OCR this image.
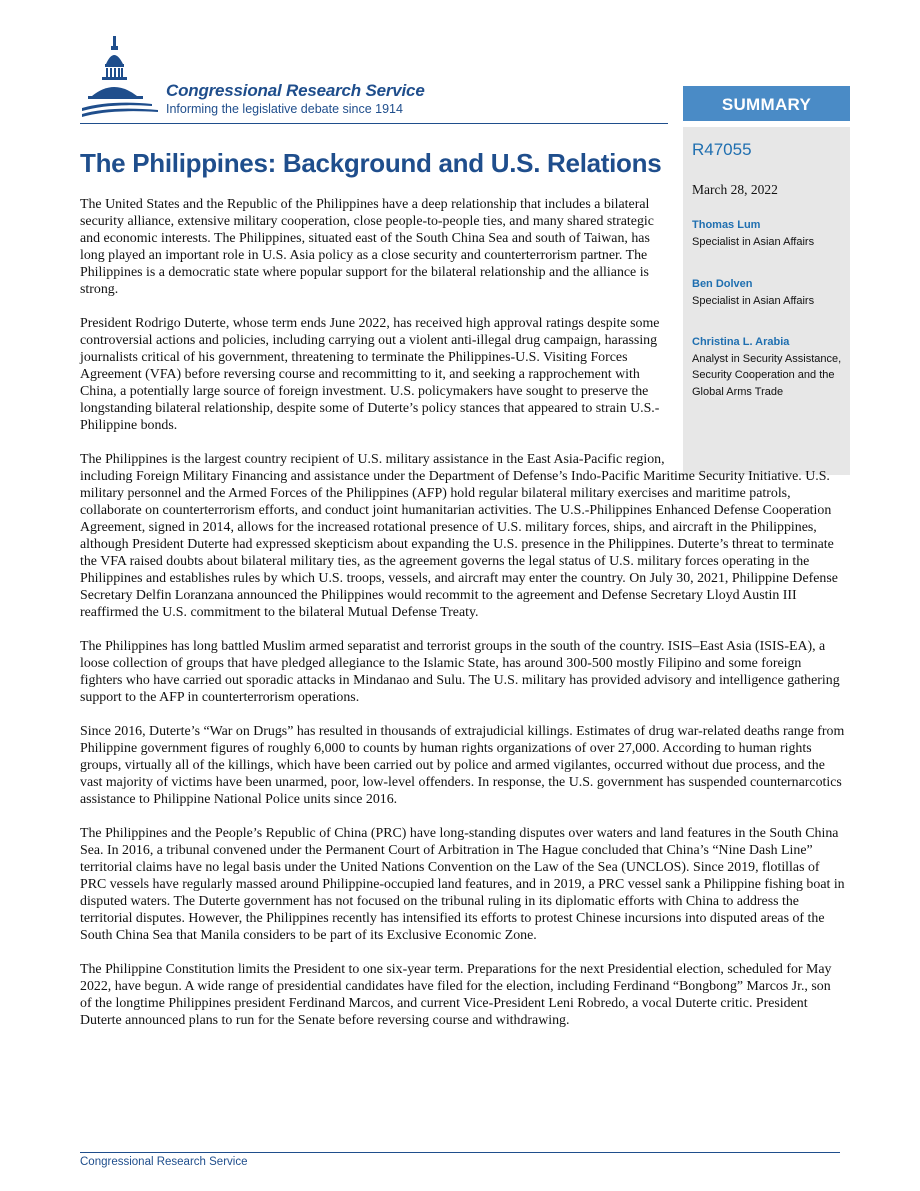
Congressional Research Service
Informing the legislative debate since 1914	SUMMARY
R47055
March 28, 2022
Thomas Lum
Specialist in Asian Affairs
Ben Dolven
Specialist in Asian Affairs
Christina L. Arabia
Analyst in Security Assistance, Security Cooperation and the Global Arms Trade
The Philippines: Background and U.S. Relations

The United States and the Republic of the Philippines have a deep relationship that includes a bilateral security alliance, extensive military cooperation, close people-to-people ties, and many shared strategic and economic interests. The Philippines, situated east of the South China Sea and south of Taiwan, has long played an important role in U.S. Asia policy as a close security and counterterrorism partner. The Philippines is a democratic state where popular support for the bilateral relationship and the alliance is strong.

President Rodrigo Duterte, whose term ends June 2022, has received high approval ratings despite some controversial actions and policies, including carrying out a violent anti-illegal drug campaign, harassing journalists critical of his government, threatening to terminate the Philippines-U.S. Visiting Forces Agreement (VFA) before reversing course and recommitting to it, and seeking a rapprochement with China, a potentially large source of foreign investment. U.S. policymakers have sought to preserve the longstanding bilateral relationship, despite some of Duterte’s policy stances that appeared to strain U.S.-Philippine bonds.

The Philippines is the largest country recipient of U.S. military assistance in the East Asia-Pacific region, including Foreign Military Financing and assistance under the Department of Defense’s Indo-Pacific Maritime Security Initiative. U.S. military personnel and the Armed Forces of the Philippines (AFP) hold regular bilateral military exercises and maritime patrols, collaborate on counterterrorism efforts, and conduct joint humanitarian activities. The U.S.-Philippines Enhanced Defense Cooperation Agreement, signed in 2014, allows for the increased rotational presence of U.S. military forces, ships, and aircraft in the Philippines, although President Duterte had expressed skepticism about expanding the U.S. presence in the Philippines. Duterte’s threat to terminate the VFA raised doubts about bilateral military ties, as the agreement governs the legal status of U.S. military forces operating in the Philippines and establishes rules by which U.S. troops, vessels, and aircraft may enter the country. On July 30, 2021, Philippine Defense Secretary Delfin Loranzana announced the Philippines would recommit to the agreement and Defense Secretary Lloyd Austin III reaffirmed the U.S. commitment to the bilateral Mutual Defense Treaty.

The Philippines has long battled Muslim armed separatist and terrorist groups in the south of the country. ISIS–East Asia (ISIS-EA), a loose collection of groups that have pledged allegiance to the Islamic State, has around 300-500 mostly Filipino and some foreign fighters who have carried out sporadic attacks in Mindanao and Sulu. The U.S. military has provided advisory and intelligence gathering support to the AFP in counterterrorism operations.

Since 2016, Duterte’s “War on Drugs” has resulted in thousands of extrajudicial killings. Estimates of drug war-related deaths range from Philippine government figures of roughly 6,000 to counts by human rights organizations of over 27,000. According to human rights groups, virtually all of the killings, which have been carried out by police and armed vigilantes, occurred without due process, and the vast majority of victims have been unarmed, poor, low-level offenders. In response, the U.S. government has suspended counternarcotics assistance to Philippine National Police units since 2016.

The Philippines and the People’s Republic of China (PRC) have long-standing disputes over waters and land features in the South China Sea. In 2016, a tribunal convened under the Permanent Court of Arbitration in The Hague concluded that China’s “Nine Dash Line” territorial claims have no legal basis under the United Nations Convention on the Law of the Sea (UNCLOS). Since 2019, flotillas of PRC vessels have regularly massed around Philippine-occupied land features, and in 2019, a PRC vessel sank a Philippine fishing boat in disputed waters. The Duterte government has not focused on the tribunal ruling in its diplomatic efforts with China to address the territorial disputes. However, the Philippines recently has intensified its efforts to protest Chinese incursions into disputed areas of the South China Sea that Manila considers to be part of its Exclusive Economic Zone.

The Philippine Constitution limits the President to one six-year term. Preparations for the next Presidential election, scheduled for May 2022, have begun. A wide range of presidential candidates have filed for the election, including Ferdinand “Bongbong” Marcos Jr., son of the longtime Philippines president Ferdinand Marcos, and current Vice-President Leni Robredo, a vocal Duterte critic. President Duterte announced plans to run for the Senate before reversing course and withdrawing.

Congressional Research Service
